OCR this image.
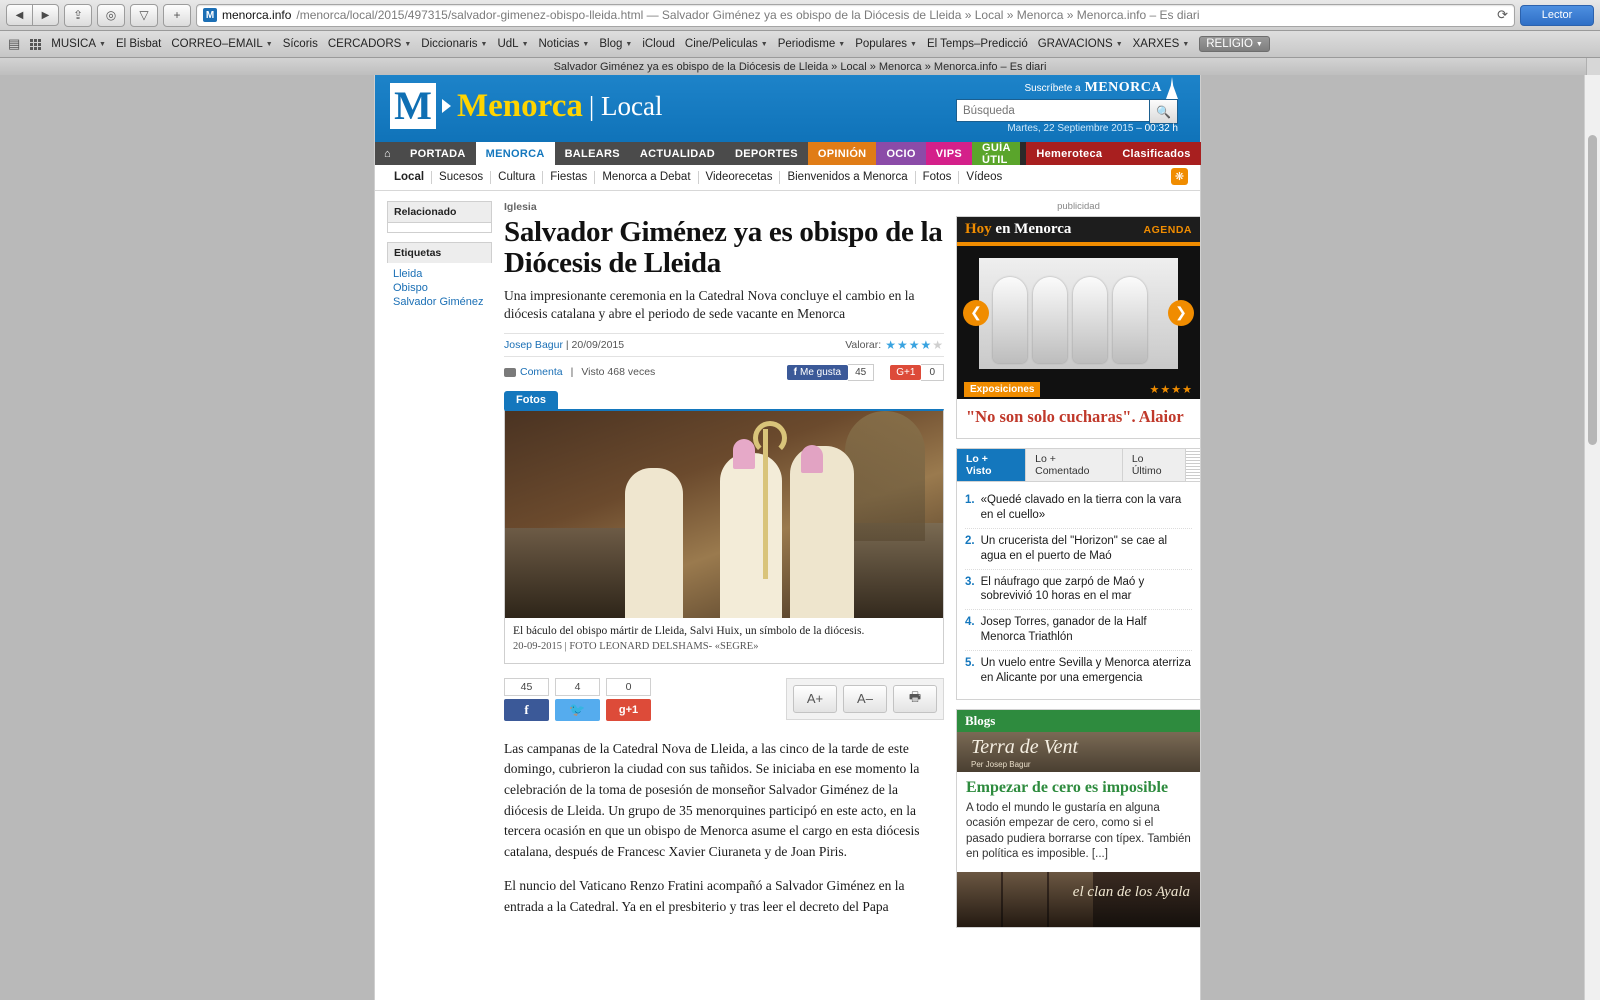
◀ ▶ ⇪ ◎ ▽ +	M menorca.info /menorca/local/2015/497315/salvador-gimenez-obispo-lleida.html — Salvador Giménez ya es obispo de la Diócesis de Lleida » Local » Menorca » Menorca.info – Es diari	⟳	Lector
▤	MUSICA ▼ El Bisbat CORREO–EMAIL ▼ Sícoris CERCADORS ▼ Diccionaris ▼ UdL ▼ Noticias ▼ Blog ▼ iCloud Cine/Peliculas ▼ Periodisme ▼ Populares ▼ El Temps–Predicció GRAVACIONS ▼ XARXES ▼ RELIGIO ▼
Salvador Giménez ya es obispo de la Diócesis de Lleida » Local » Menorca » Menorca.info – Es diari
M Menorca | Local
Suscríbete a MENORCA
Búsqueda
🔍
Martes, 22 Septiembre 2015 – 00:32 h
⌂	PORTADA	MENORCA	BALEARS	ACTUALIDAD	DEPORTES	OPINIÓN	OCIO	VIPS	GUÍA ÚTIL	Hemeroteca	Clasificados
Local	Sucesos	Cultura	Fiestas	Menorca a Debat	Videorecetas	Bienvenidos a Menorca	Fotos	Vídeos	❋
Relacionado
Etiquetas
Lleida
Obispo
Salvador Giménez
Iglesia
Salvador Giménez ya es obispo de la Diócesis de Lleida
Una impresionante ceremonia en la Catedral Nova concluye el cambio en la diócesis catalana y abre el periodo de sede vacante en Menorca
Josep Bagur
| 20/09/2015	Valorar: ★★★★★
Comenta | Visto 468 veces	f Me gusta	45	G+1	0
Fotos
El báculo del obispo mártir de Lleida, Salvi Huix, un símbolo de la diócesis.
20-09-2015 | FOTO LEONARD DELSHAMS- «SEGRE»
45
f
4
🐦
0
g+1
A+	A–	🖶

Las campanas de la Catedral Nova de Lleida, a las cinco de la tarde de este domingo, cubrieron la ciudad con sus tañidos. Se iniciaba en ese momento la celebración de la toma de posesión de monseñor Salvador Giménez de la diócesis de Lleida. Un grupo de 35 menorquines participó en este acto, en la tercera ocasión en que un obispo de Menorca asume el cargo en esta diócesis catalana, después de Francesc Xavier Ciuraneta y de Joan Piris.

El nuncio del Vaticano Renzo Fratini acompañó a Salvador Giménez en la entrada a la Catedral. Ya en el presbiterio y tras leer el decreto del Papa

publicidad
Hoy en Menorca	AGENDA
❮	❯
Exposiciones	★★★★
"No son solo cucharas". Alaior
Lo + Visto
Lo + Comentado
Lo Último
1. «Quedé clavado en la tierra con la vara en el cuello»
2. Un crucerista del "Horizon" se cae al agua en el puerto de Maó
3. El náufrago que zarpó de Maó y sobrevivió 10 horas en el mar
4. Josep Torres, ganador de la Half Menorca Triathlón
5. Un vuelo entre Sevilla y Menorca aterriza en Alicante por una emergencia
Blogs
Terra de Vent
Per Josep Bagur
Empezar de cero es imposible
A todo el mundo le gustaría en alguna ocasión empezar de cero, como si el pasado pudiera borrarse con típex. También en política es imposible. [...]
el clan de los Ayala
